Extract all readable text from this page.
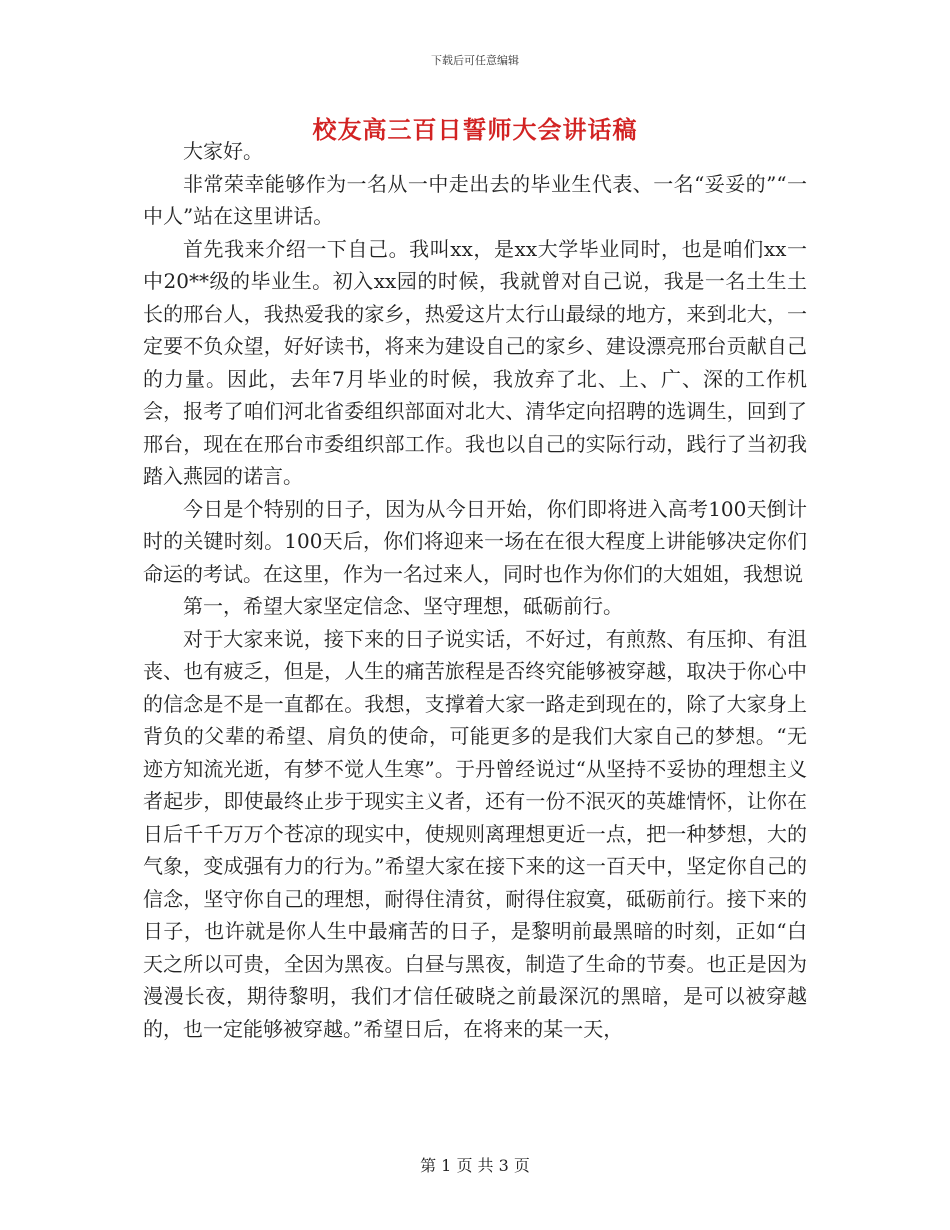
下载后可任意编辑
校友高三百日誓师大会讲话稿

大家好。

非常荣幸能够作为一名从一中走出去的毕业生代表、一名“妥妥的”“一中人”站在这里讲话。

首先我来介绍一下自己。我叫xx，是xx大学毕业同时，也是咱们xx一中20**级的毕业生。初入xx园的时候，我就曾对自己说，我是一名土生土长的邢台人，我热爱我的家乡，热爱这片太行山最绿的地方，来到北大，一定要不负众望，好好读书，将来为建设自己的家乡、建设漂亮邢台贡献自己的力量。因此，去年7月毕业的时候，我放弃了北、上、广、深的工作机会，报考了咱们河北省委组织部面对北大、清华定向招聘的选调生，回到了邢台，现在在邢台市委组织部工作。我也以自己的实际行动，践行了当初我踏入燕园的诺言。

今日是个特别的日子，因为从今日开始，你们即将进入高考100天倒计时的关键时刻。100天后，你们将迎来一场在在很大程度上讲能够决定你们命运的考试。在这里，作为一名过来人，同时也作为你们的大姐姐，我想说

第一，希望大家坚定信念、坚守理想，砥砺前行。

对于大家来说，接下来的日子说实话，不好过，有煎熬、有压抑、有沮丧、也有疲乏，但是，人生的痛苦旅程是否终究能够被穿越，取决于你心中的信念是不是一直都在。我想，支撑着大家一路走到现在的，除了大家身上背负的父辈的希望、肩负的使命，可能更多的是我们大家自己的梦想。“无迹方知流光逝，有梦不觉人生寒”。于丹曾经说过“从坚持不妥协的理想主义者起步，即使最终止步于现实主义者，还有一份不泯灭的英雄情怀，让你在日后千千万万个苍凉的现实中，使规则离理想更近一点，把一种梦想，大的气象，变成强有力的行为。”希望大家在接下来的这一百天中，坚定你自己的信念，坚守你自己的理想，耐得住清贫，耐得住寂寞，砥砺前行。接下来的日子，也许就是你人生中最痛苦的日子，是黎明前最黑暗的时刻，正如“白天之所以可贵，全因为黑夜。白昼与黑夜，制造了生命的节奏。也正是因为漫漫长夜，期待黎明，我们才信任破晓之前最深沉的黑暗，是可以被穿越的，也一定能够被穿越。”希望日后，在将来的某一天，

第 1 页 共 3 页
